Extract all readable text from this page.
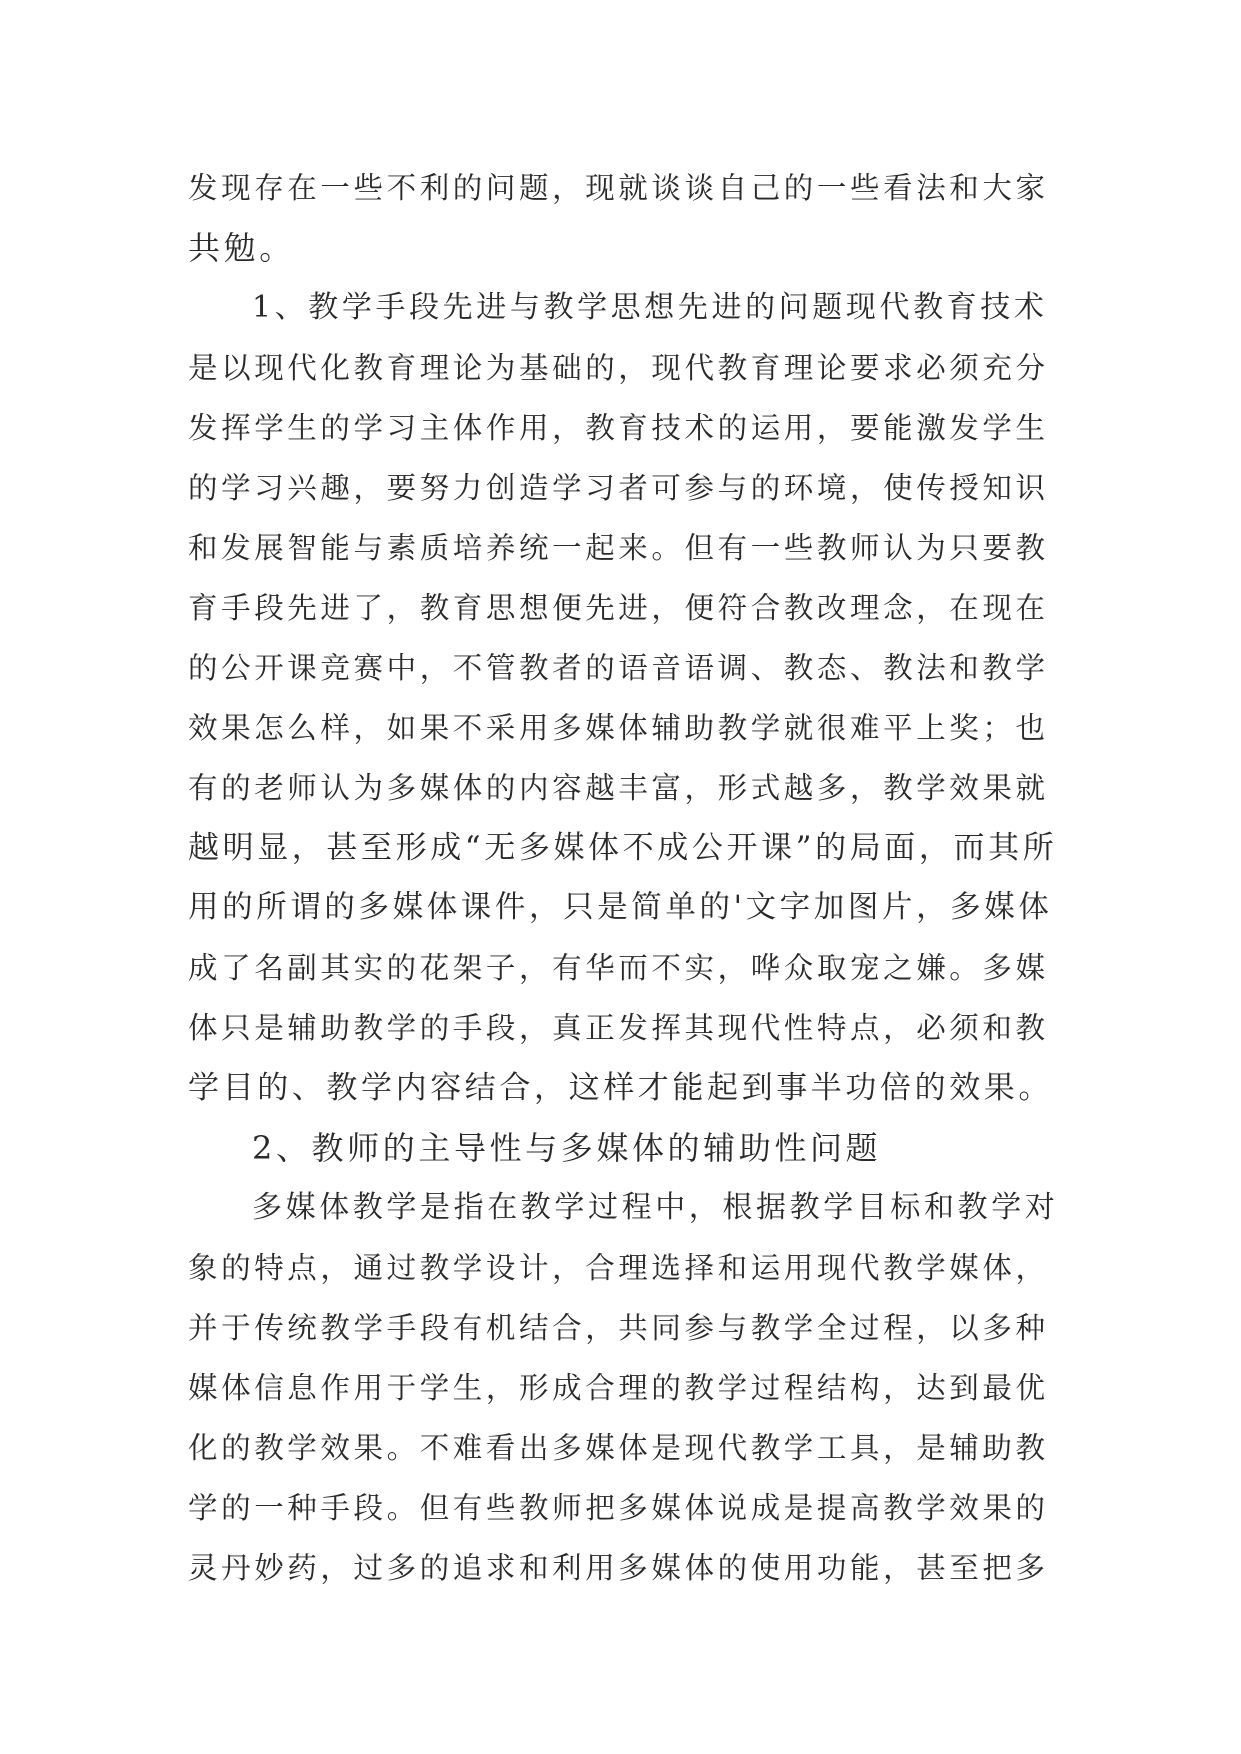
发现存在一些不利的问题，现就谈谈自己的一些看法和大家
共勉。
1、教学手段先进与教学思想先进的问题现代教育技术
是以现代化教育理论为基础的，现代教育理论要求必须充分
发挥学生的学习主体作用，教育技术的运用，要能激发学生
的学习兴趣，要努力创造学习者可参与的环境，使传授知识
和发展智能与素质培养统一起来。但有一些教师认为只要教
育手段先进了，教育思想便先进，便符合教改理念，在现在
的公开课竞赛中，不管教者的语音语调、教态、教法和教学
效果怎么样，如果不采用多媒体辅助教学就很难平上奖；也
有的老师认为多媒体的内容越丰富，形式越多，教学效果就
越明显，甚至形成“无多媒体不成公开课”的局面，而其所
用的所谓的多媒体课件，只是简单的'文字加图片，多媒体
成了名副其实的花架子，有华而不实，哗众取宠之嫌。多媒
体只是辅助教学的手段，真正发挥其现代性特点，必须和教
学目的、教学内容结合，这样才能起到事半功倍的效果。
2、教师的主导性与多媒体的辅助性问题
多媒体教学是指在教学过程中，根据教学目标和教学对
象的特点，通过教学设计，合理选择和运用现代教学媒体，
并于传统教学手段有机结合，共同参与教学全过程，以多种
媒体信息作用于学生，形成合理的教学过程结构，达到最优
化的教学效果。不难看出多媒体是现代教学工具，是辅助教
学的一种手段。但有些教师把多媒体说成是提高教学效果的
灵丹妙药，过多的追求和利用多媒体的使用功能，甚至把多
